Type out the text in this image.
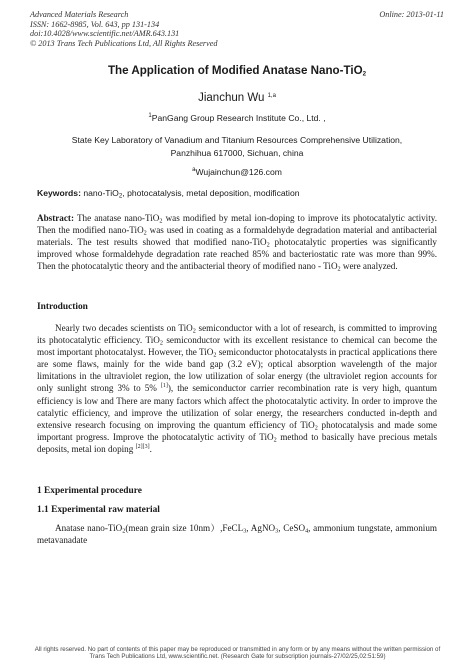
Advanced Materials Research
ISSN: 1662-8985, Vol. 643, pp 131-134
doi:10.4028/www.scientific.net/AMR.643.131
© 2013 Trans Tech Publications Ltd, All Rights Reserved
Online: 2013-01-11
The Application of Modified Anatase Nano-TiO$_2$
Jianchun Wu $^{1,a}$
$^1$PanGang Group Research Institute Co., Ltd. ,
State Key Laboratory of Vanadium and Titanium Resources Comprehensive Utilization,
Panzhihua 617000, Sichuan, china
$^a$Wujainchun@126.com
Keywords: nano-TiO$_2$, photocatalysis, metal deposition, modification
Abstract: The anatase nano-TiO$_2$ was modified by metal ion-doping to improve its photocatalytic activity. Then the modified nano-TiO$_2$ was used in coating as a formaldehyde degradation material and antibacterial materials. The test results showed that modified nano-TiO$_2$ photocatalytic properties was significantly improved whose formaldehyde degradation rate reached 85% and bacteriostatic rate was more than 99%. Then the photocatalytic theory and the antibacterial theory of modified nano - TiO$_2$ were analyzed.
Introduction
Nearly two decades scientists on TiO$_2$ semiconductor with a lot of research, is committed to improving its photocatalytic efficiency. TiO$_2$ semiconductor with its excellent resistance to chemical can become the most important photocatalyst. However, the TiO$_2$ semiconductor photocatalysts in practical applications there are some flaws, mainly for the wide band gap (3.2 eV); optical absorption wavelength of the major limitations in the ultraviolet region, the low utilization of solar energy (the ultraviolet region accounts for only sunlight strong 3% to 5% [1]), the semiconductor carrier recombination rate is very high, quantum efficiency is low and There are many factors which affect the photocatalytic activity. In order to improve the catalytic efficiency, and improve the utilization of solar energy, the researchers conducted in-depth and extensive research focusing on improving the quantum efficiency of TiO$_2$ photocatalysis and made some important progress. Improve the photocatalytic activity of TiO$_2$ method to basically have precious metals deposits, metal ion doping [2][3].
1 Experimental procedure
1.1 Experimental raw material
Anatase nano-TiO$_2$(mean grain size 10nm）,FeCL$_3$, AgNO$_3$, CeSO$_4$, ammonium tungstate, ammonium metavanadate
All rights reserved. No part of contents of this paper may be reproduced or transmitted in any form or by any means without the written permission of Trans Tech Publications Ltd, www.scientific.net. (Research Gate for subscription journals-27/02/25,02:51:59)
